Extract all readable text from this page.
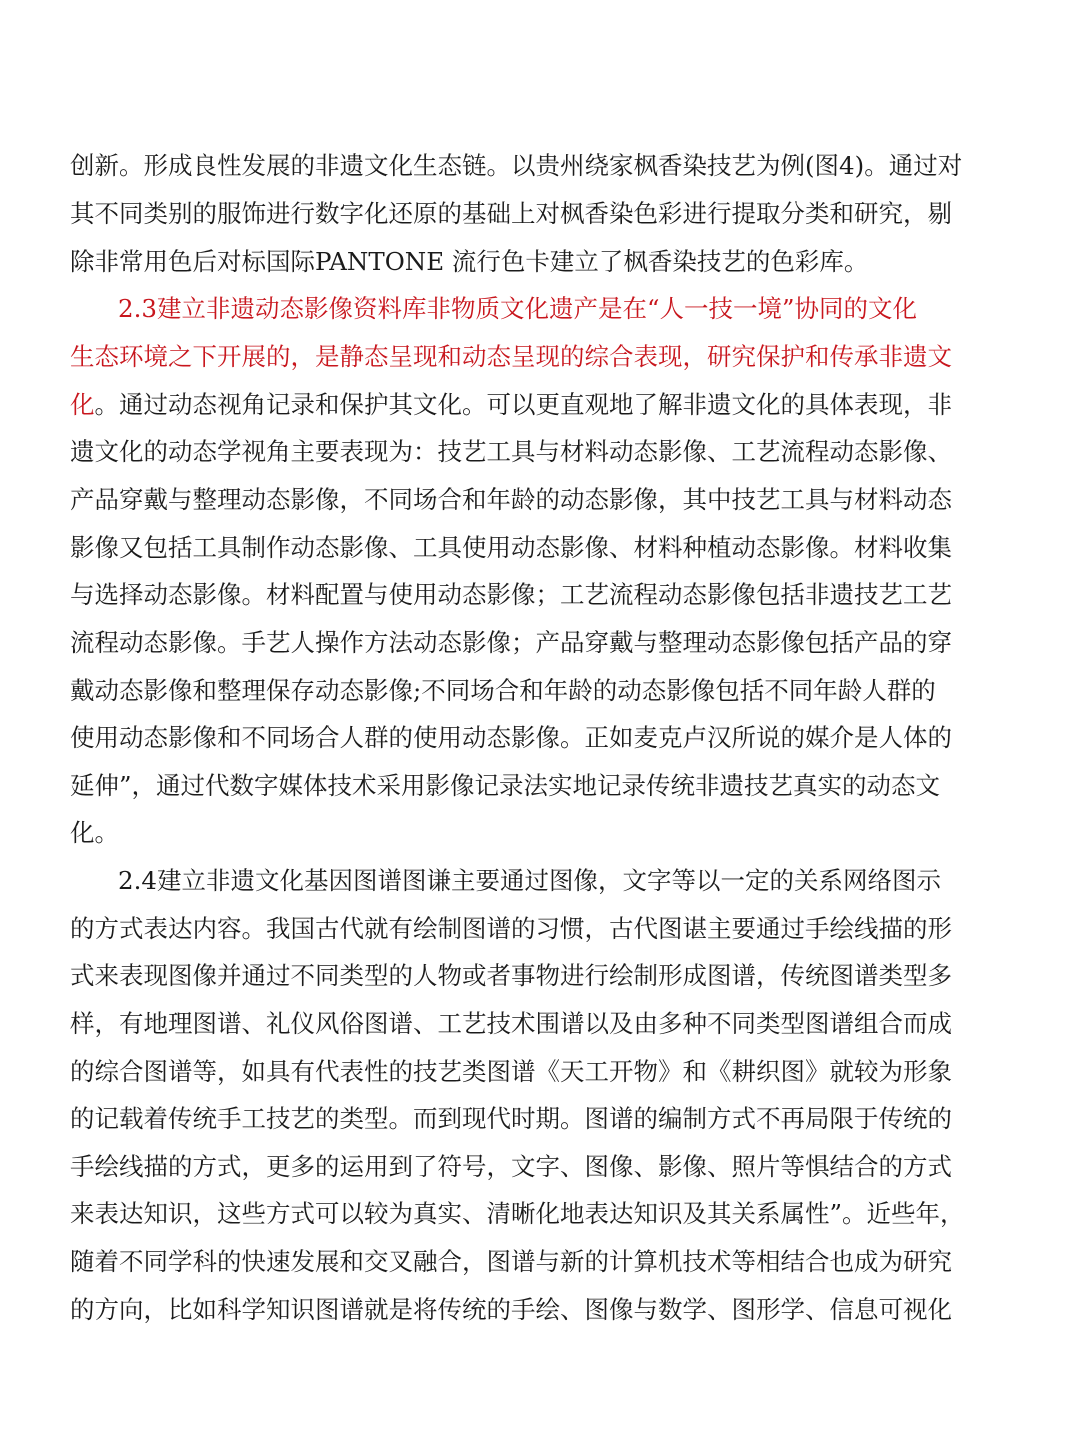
创新。形成良性发展的非遗文化生态链。以贵州绕家枫香染技艺为例(图4)。通过对
其不同类别的服饰进行数字化还原的基础上对枫香染色彩进行提取分类和研究，剔
除非常用色后对标国际PANTONE 流行色卡建立了枫香染技艺的色彩库。
2.3建立非遗动态影像资料库非物质文化遗产是在“人一技一境”协同的文化
生态环境之下开展的，是静态呈现和动态呈现的综合表现，研究保护和传承非遗文
化。通过动态视角记录和保护其文化。可以更直观地了解非遗文化的具体表现，非
遗文化的动态学视角主要表现为：技艺工具与材料动态影像、工艺流程动态影像、
产品穿戴与整理动态影像，不同场合和年龄的动态影像，其中技艺工具与材料动态
影像又包括工具制作动态影像、工具使用动态影像、材料种植动态影像。材料收集
与选择动态影像。材料配置与使用动态影像；工艺流程动态影像包括非遗技艺工艺
流程动态影像。手艺人操作方法动态影像；产品穿戴与整理动态影像包括产品的穿
戴动态影像和整理保存动态影像;不同场合和年龄的动态影像包括不同年龄人群的
使用动态影像和不同场合人群的使用动态影像。正如麦克卢汉所说的媒介是人体的
延伸”，通过代数字媒体技术采用影像记录法实地记录传统非遗技艺真实的动态文
化。
2.4建立非遗文化基因图谱图谦主要通过图像，文字等以一定的关系网络图示
的方式表达内容。我国古代就有绘制图谱的习惯，古代图谌主要通过手绘线描的形
式来表现图像并通过不同类型的人物或者事物进行绘制形成图谱，传统图谱类型多
样，有地理图谱、礼仪风俗图谱、工艺技术围谱以及由多种不同类型图谱组合而成
的综合图谱等，如具有代表性的技艺类图谱《天工开物》和《耕织图》就较为形象
的记载着传统手工技艺的类型。而到现代时期。图谱的编制方式不再局限于传统的
手绘线描的方式，更多的运用到了符号，文字、图像、影像、照片等惧结合的方式
来表达知识，这些方式可以较为真实、清晰化地表达知识及其关系属性”。近些年，
随着不同学科的快速发展和交叉融合，图谱与新的计算机技术等相结合也成为研究
的方向，比如科学知识图谱就是将传统的手绘、图像与数学、图形学、信息可视化
